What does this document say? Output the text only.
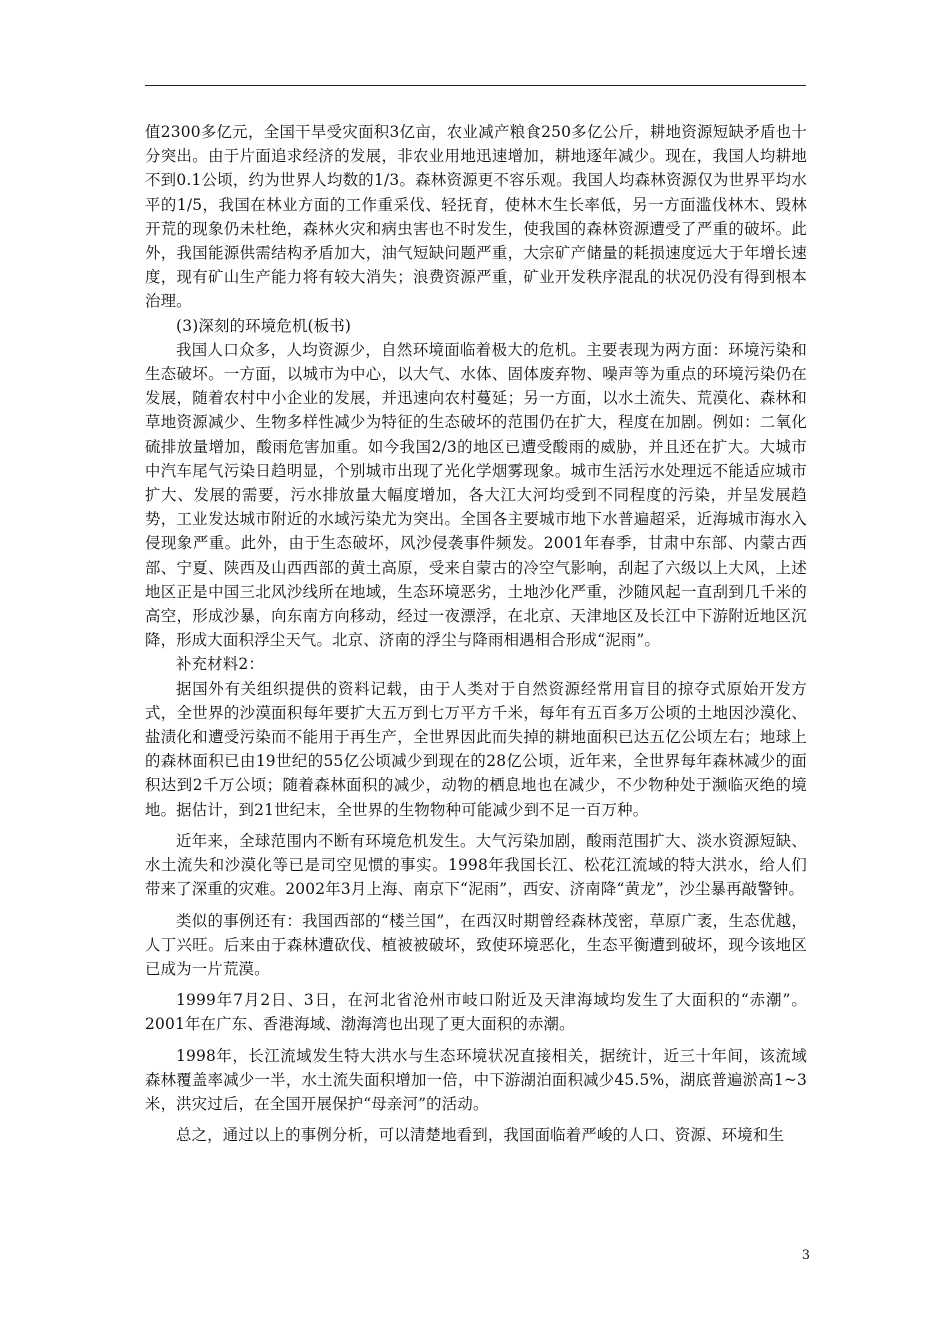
值2300多亿元，全国干旱受灾面积3亿亩，农业减产粮食250多亿公斤，耕地资源短缺矛盾也十分突出。由于片面追求经济的发展，非农业用地迅速增加，耕地逐年减少。现在，我国人均耕地不到0.1公顷，约为世界人均数的1/3。森林资源更不容乐观。我国人均森林资源仅为世界平均水平的1/5，我国在林业方面的工作重采伐、轻抚育，使林木生长率低，另一方面滥伐林木、毁林开荒的现象仍未杜绝，森林火灾和病虫害也不时发生，使我国的森林资源遭受了严重的破坏。此外，我国能源供需结构矛盾加大，油气短缺问题严重，大宗矿产储量的耗损速度远大于年增长速度，现有矿山生产能力将有较大消失；浪费资源严重，矿业开发秩序混乱的状况仍没有得到根本治理。

(3)深刻的环境危机(板书)

我国人口众多，人均资源少，自然环境面临着极大的危机。主要表现为两方面：环境污染和生态破坏。一方面，以城市为中心，以大气、水体、固体废弃物、噪声等为重点的环境污染仍在发展，随着农村中小企业的发展，并迅速向农村蔓延；另一方面，以水土流失、荒漠化、森林和草地资源减少、生物多样性减少为特征的生态破坏的范围仍在扩大，程度在加剧。例如：二氧化硫排放量增加，酸雨危害加重。如今我国2/3的地区已遭受酸雨的威胁，并且还在扩大。大城市中汽车尾气污染日趋明显，个别城市出现了光化学烟雾现象。城市生活污水处理远不能适应城市扩大、发展的需要，污水排放量大幅度增加，各大江大河均受到不同程度的污染，并呈发展趋势，工业发达城市附近的水域污染尤为突出。全国各主要城市地下水普遍超采，近海城市海水入侵现象严重。此外，由于生态破坏，风沙侵袭事件频发。2001年春季，甘肃中东部、内蒙古西部、宁夏、陕西及山西西部的黄土高原，受来自蒙古的冷空气影响，刮起了六级以上大风，上述地区正是中国三北风沙线所在地域，生态环境恶劣，土地沙化严重，沙随风起一直刮到几千米的高空，形成沙暴，向东南方向移动，经过一夜漂浮，在北京、天津地区及长江中下游附近地区沉降，形成大面积浮尘天气。北京、济南的浮尘与降雨相遇相合形成“泥雨”。

补充材料2：

据国外有关组织提供的资料记载，由于人类对于自然资源经常用盲目的掠夺式原始开发方式，全世界的沙漠面积每年要扩大五万到七万平方千米，每年有五百多万公顷的土地因沙漠化、盐渍化和遭受污染而不能用于再生产，全世界因此而失掉的耕地面积已达五亿公顷左右；地球上的森林面积已由19世纪的55亿公顷减少到现在的28亿公顷，近年来，全世界每年森林减少的面积达到2千万公顷；随着森林面积的减少，动物的栖息地也在减少，不少物种处于濒临灭绝的境地。据估计，到21世纪末，全世界的生物物种可能减少到不足一百万种。

近年来，全球范围内不断有环境危机发生。大气污染加剧，酸雨范围扩大、淡水资源短缺、水土流失和沙漠化等已是司空见惯的事实。1998年我国长江、松花江流域的特大洪水，给人们带来了深重的灾难。2002年3月上海、南京下“泥雨”，西安、济南降“黄龙”，沙尘暴再敲警钟。

类似的事例还有：我国西部的“楼兰国”，在西汉时期曾经森林茂密，草原广袤，生态优越，人丁兴旺。后来由于森林遭砍伐、植被被破坏，致使环境恶化，生态平衡遭到破坏，现今该地区已成为一片荒漠。

1999年7月2日、3日，在河北省沧州市岐口附近及天津海域均发生了大面积的“赤潮”。2001年在广东、香港海域、渤海湾也出现了更大面积的赤潮。

1998年，长江流域发生特大洪水与生态环境状况直接相关，据统计，近三十年间，该流域森林覆盖率减少一半，水土流失面积增加一倍，中下游湖泊面积减少45.5%，湖底普遍淤高1~3米，洪灾过后，在全国开展保护“母亲河”的活动。

总之，通过以上的事例分析，可以清楚地看到，我国面临着严峻的人口、资源、环境和生

3
